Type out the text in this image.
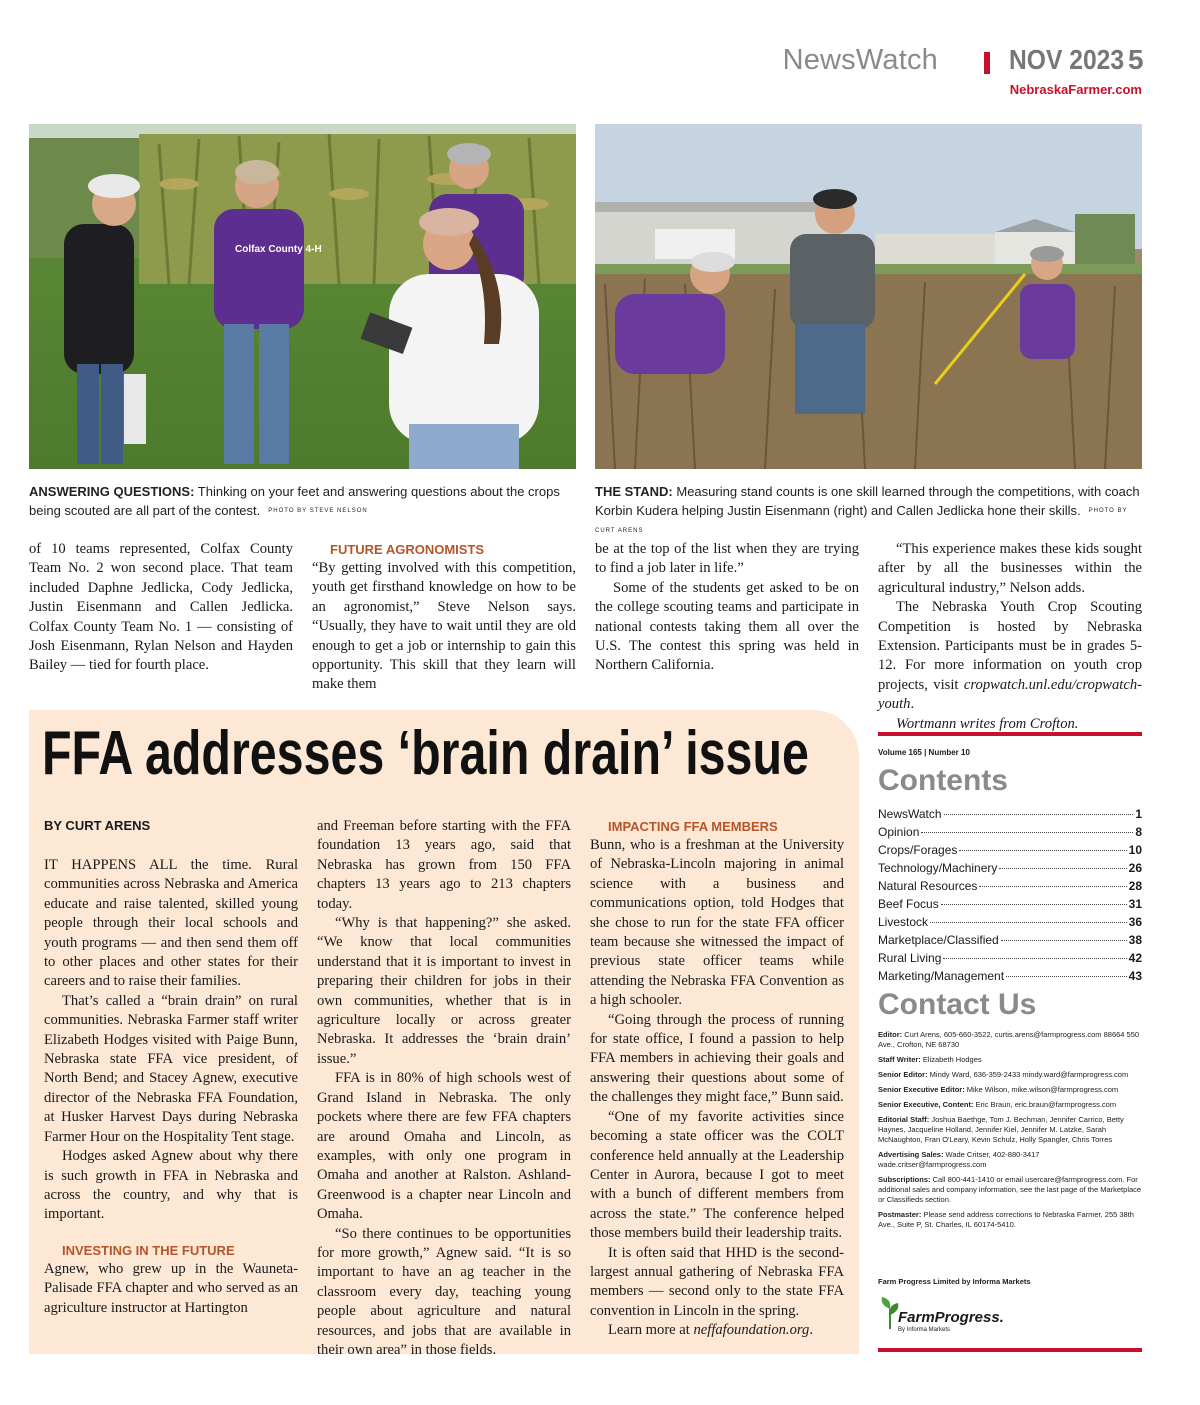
NewsWatch	NOV 2023 5
NebraskaFarmer.com
Colfax County 4-H
ANSWERING QUESTIONS: Thinking on your feet and answering questions about the crops being scouted are all part of the contest. PHOTO BY STEVE NELSON
THE STAND: Measuring stand counts is one skill learned through the competitions, with coach Korbin Kudera helping Justin Eisenmann (right) and Callen Jedlicka hone their skills. PHOTO BY CURT ARENS

of 10 teams represented, Colfax County Team No. 2 won second place. That team included Daphne Jedlicka, Cody Jedlicka, Justin Eisenmann and Callen Jedlicka. Colfax County Team No. 1 — consisting of Josh Eisenmann, Rylan Nelson and Hayden Bailey — tied for fourth place.

FUTURE AGRONOMISTS

“By getting involved with this competition, youth get firsthand knowledge on how to be an agronomist,” Steve Nelson says. “Usually, they have to wait until they are old enough to get a job or internship to gain this opportunity. This skill that they learn will make them

be at the top of the list when they are trying to find a job later in life.”

Some of the students get asked to be on the college scouting teams and participate in national contests taking them all over the U.S. The contest this spring was held in Northern California.

“This experience makes these kids sought after by all the businesses within the agricultural industry,” Nelson adds.

The Nebraska Youth Crop Scouting Competition is hosted by Nebraska Extension. Participants must be in grades 5-12. For more information on youth crop projects, visit cropwatch.unl.edu/cropwatch-youth.

Wortmann writes from Crofton.

FFA addresses ‘brain drain’ issue
BY CURT ARENS

IT HAPPENS ALL the time. Rural communities across Nebraska and America educate and raise talented, skilled young people through their local schools and youth programs — and then send them off to other places and other states for their careers and to raise their families.

That’s called a “brain drain” on rural communities. Nebraska Farmer staff writer Elizabeth Hodges visited with Paige Bunn, Nebraska state FFA vice president, of North Bend; and Stacey Agnew, executive director of the Nebraska FFA Foundation, at Husker Harvest Days during Nebraska Farmer Hour on the Hospitality Tent stage.

Hodges asked Agnew about why there is such growth in FFA in Nebraska and across the country, and why that is important.

INVESTING IN THE FUTURE

Agnew, who grew up in the Wauneta-Palisade FFA chapter and who served as an agriculture instructor at Hartington

and Freeman before starting with the FFA foundation 13 years ago, said that Nebraska has grown from 150 FFA chapters 13 years ago to 213 chapters today.

“Why is that happening?” she asked. “We know that local communities understand that it is important to invest in preparing their children for jobs in their own communities, whether that is in agriculture locally or across greater Nebraska. It addresses the ‘brain drain’ issue.”

FFA is in 80% of high schools west of Grand Island in Nebraska. The only pockets where there are few FFA chapters are around Omaha and Lincoln, as examples, with only one program in Omaha and another at Ralston. Ashland-Greenwood is a chapter near Lincoln and Omaha.

“So there continues to be opportunities for more growth,” Agnew said. “It is so important to have an ag teacher in the classroom every day, teaching young people about agriculture and natural resources, and jobs that are available in their own area” in those fields.

IMPACTING FFA MEMBERS

Bunn, who is a freshman at the University of Nebraska-Lincoln majoring in animal science with a business and communications option, told Hodges that she chose to run for the state FFA officer team because she witnessed the impact of previous state officer teams while attending the Nebraska FFA Convention as a high schooler.

“Going through the process of running for state office, I found a passion to help FFA members in achieving their goals and answering their questions about some of the challenges they might face,” Bunn said.

“One of my favorite activities since becoming a state officer was the COLT conference held annually at the Leadership Center in Aurora, because I got to meet with a bunch of different members from across the state.” The conference helped those members build their leadership traits.

It is often said that HHD is the second-largest annual gathering of Nebraska FFA members — second only to the state FFA convention in Lincoln in the spring.

Learn more at neffafoundation.org.

Volume 165 | Number 10
Contents
NewsWatch	1
Opinion	8
Crops/Forages	10
Technology/Machinery	26
Natural Resources	28
Beef Focus	31
Livestock	36
Marketplace/Classified	38
Rural Living	42
Marketing/Management	43
Contact Us
Editor: Curt Arens, 605-660-3522, curtis.arens@farmprogress.com 88664 550 Ave., Crofton, NE 68730
Staff Writer: Elizabeth Hodges
Senior Editor: Mindy Ward, 636-359-2433 mindy.ward@farmprogress.com
Senior Executive Editor: Mike Wilson, mike.wilson@farmprogress.com
Senior Executive, Content: Eric Braun, eric.braun@farmprogress.com
Editorial Staff: Joshua Baethge, Tom J. Bechman, Jennifer Carrico, Betty Haynes, Jacqueline Holland, Jennifer Kiel, Jennifer M. Latzke, Sarah McNaughton, Fran O'Leary, Kevin Schulz, Holly Spangler, Chris Torres
Advertising Sales: Wade Critser, 402-880-3417 wade.critser@farmprogress.com
Subscriptions: Call 800-441-1410 or email usercare@farmprogress.com. For additional sales and company information, see the last page of the Marketplace or Classifieds section.
Postmaster: Please send address corrections to Nebraska Farmer, 255 38th Ave., Suite P, St. Charles, IL 60174-5410.
Farm Progress Limited by Informa Markets
FarmProgress.
By Informa Markets
